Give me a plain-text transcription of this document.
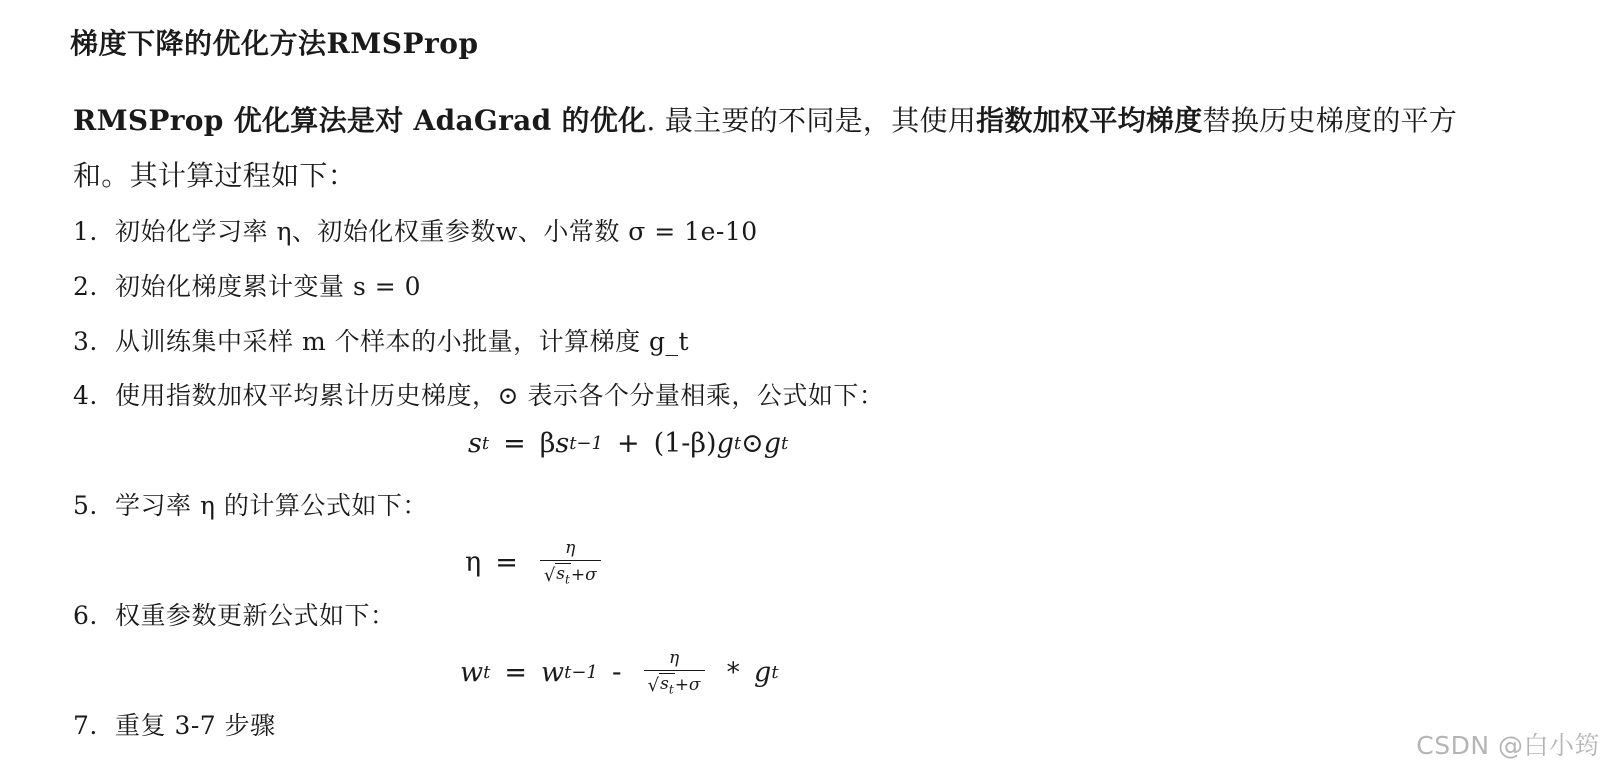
梯度下降的优化方法RMSProp
RMSProp 优化算法是对 AdaGrad 的优化. 最主要的不同是，其使用指数加权平均梯度替换历史梯度的平方和。其计算过程如下：
1. 初始化学习率 η、初始化权重参数w、小常数 σ = 1e-10
2. 初始化梯度累计变量 s = 0
3. 从训练集中采样 m 个样本的小批量，计算梯度 g_t
4. 使用指数加权平均累计历史梯度，⊙ 表示各个分量相乘，公式如下：
s t = β s t−1 + (1-β) g t ⊙ g t
5. 学习率 η 的计算公式如下：
$\eta = \frac{\eta}{√ s_t +\sigma}$
6. 权重参数更新公式如下：
w t = w $t-1 - \frac{\eta}{√ s_t +\sigma} * g$ t
7. 重复 3-7 步骤
CSDN @白小筠
